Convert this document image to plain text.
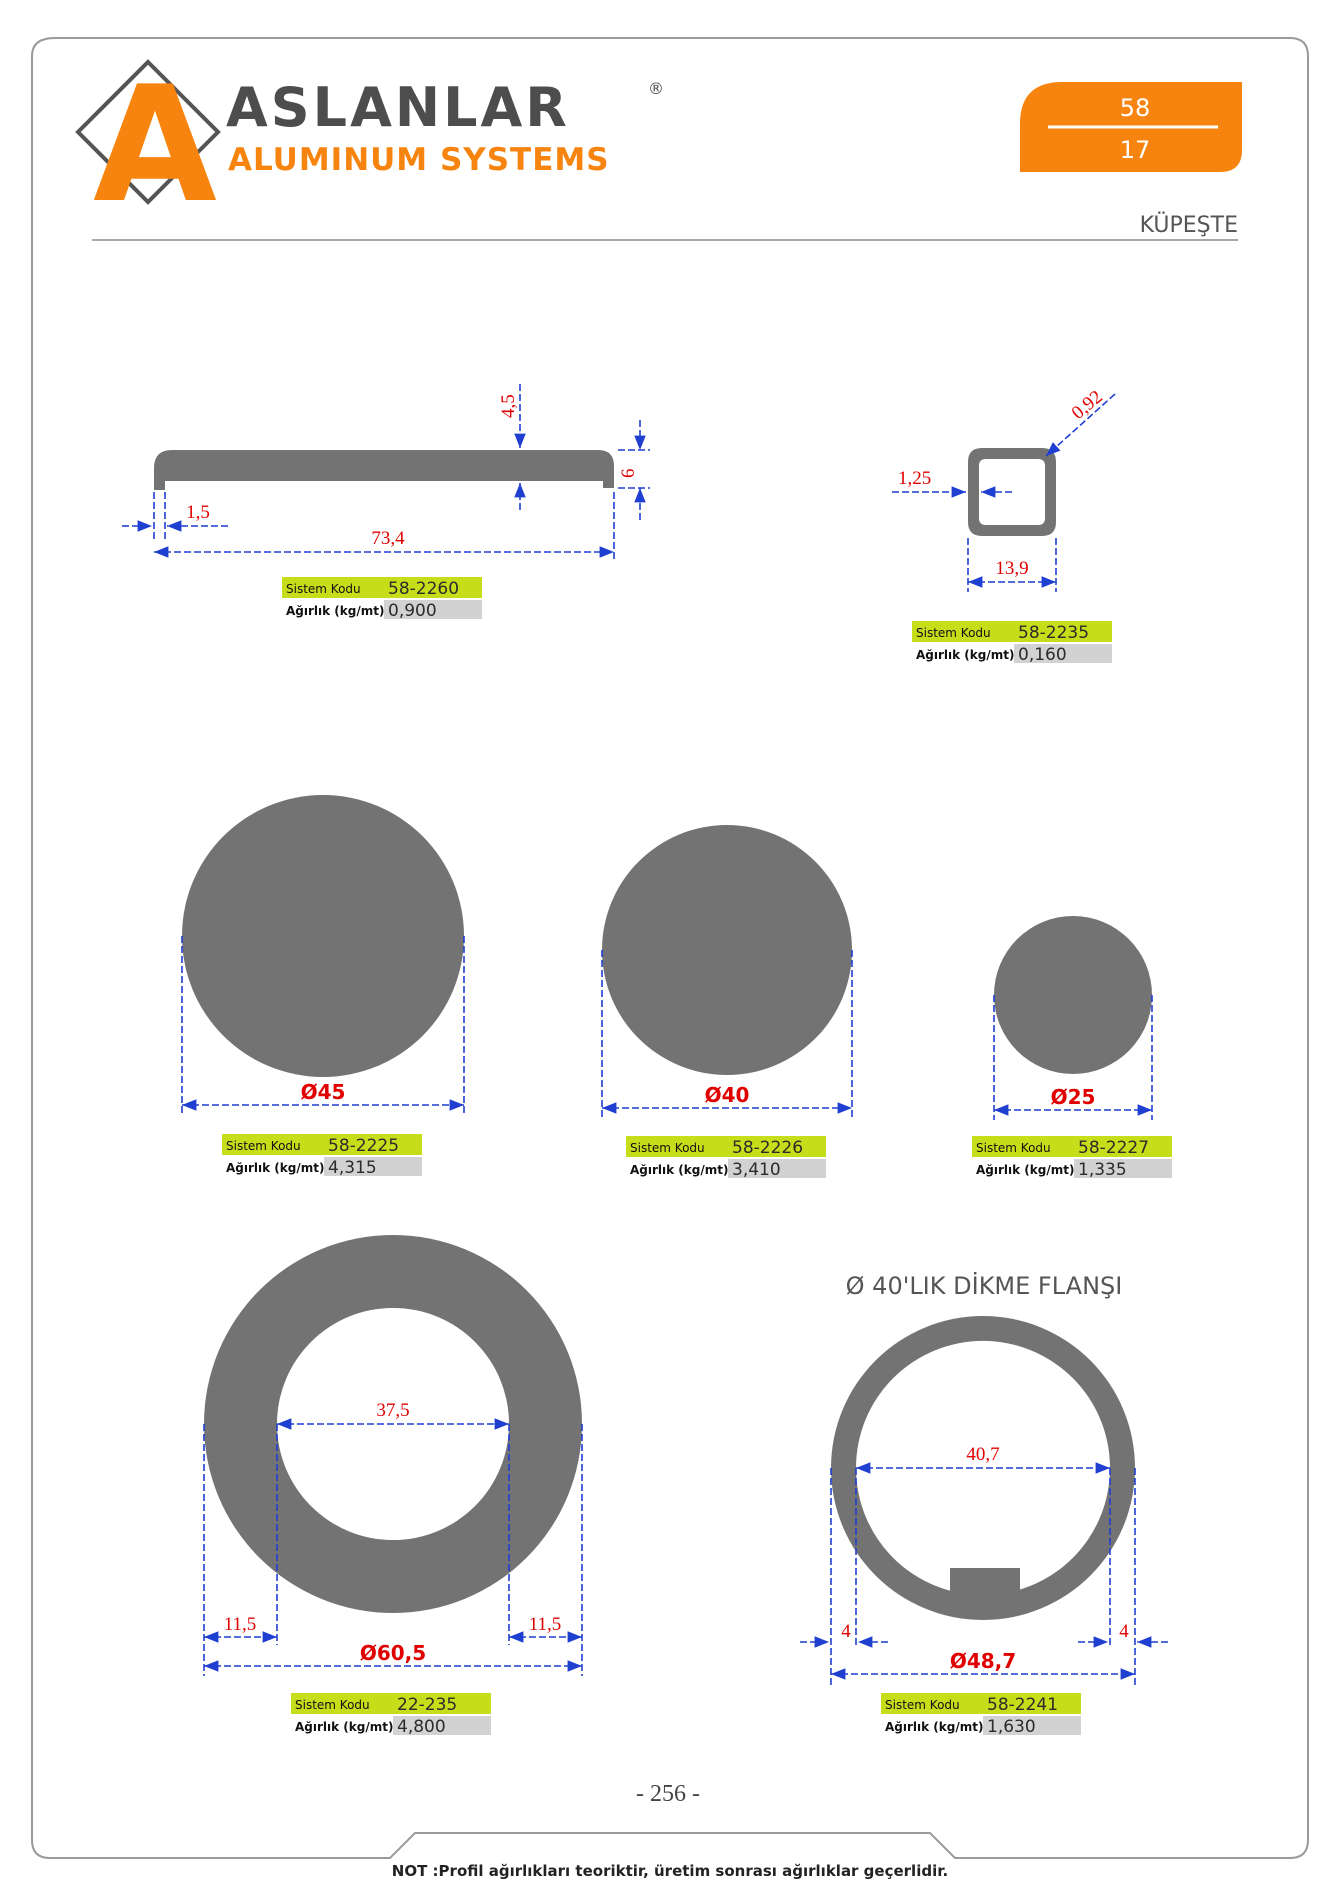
A ASLANLAR	®
ALUMINUM SYSTEMS
58
17
KÜPEŞTE
4,5
6
1,5
73,4
Sistem Kodu 58-2260
Ağırlık (kg/mt) 0,900
0,92
1,25
13,9
Sistem Kodu 58-2235
Ağırlık (kg/mt) 0,160
Ø45
Sistem Kodu 58-2225
Ağırlık (kg/mt) 4,315
Ø40
Sistem Kodu 58-2226
Ağırlık (kg/mt) 3,410
Ø25
Sistem Kodu 58-2227
Ağırlık (kg/mt) 1,335
37,5
11,5	11,5
Ø60,5
Sistem Kodu 22-235
Ağırlık (kg/mt) 4,800
Ø 40'LIK DİKME FLANŞI
40,7
4	4
Ø48,7
Sistem Kodu 58-2241
Ağırlık (kg/mt) 1,630
- 256 -
NOT :Profil ağırlıkları teoriktir, üretim sonrası ağırlıklar geçerlidir.
